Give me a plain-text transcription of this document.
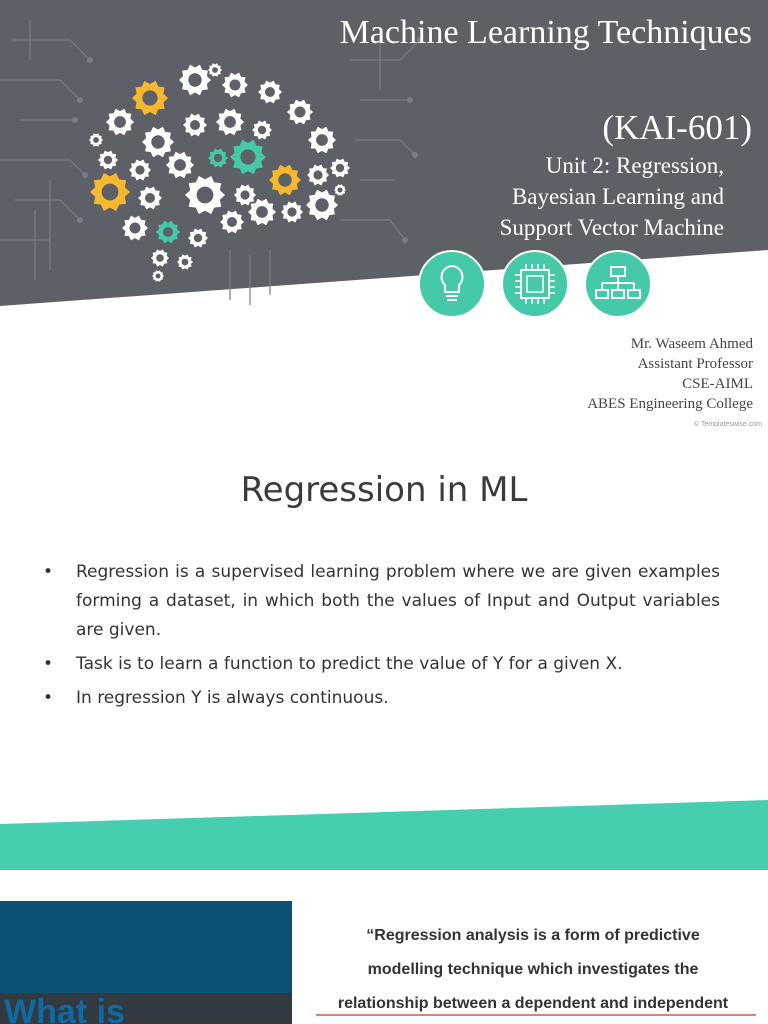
Machine Learning Techniques
(KAI-601)
Unit 2: Regression,
Bayesian Learning and
Support Vector Machine
Mr. Waseem Ahmed
Assistant Professor
CSE-AIML
ABES Engineering College
© Templateswise.com
Regression in ML
• Regression is a supervised learning problem where we are given examples forming a dataset, in which both the values of Input and Output variables are given.
• Task is to learn a function to predict the value of Y for a given X.
• In regression Y is always continuous.
What is
“Regression analysis is a form of predictive
modelling technique which investigates the
relationship between a dependent and independent
